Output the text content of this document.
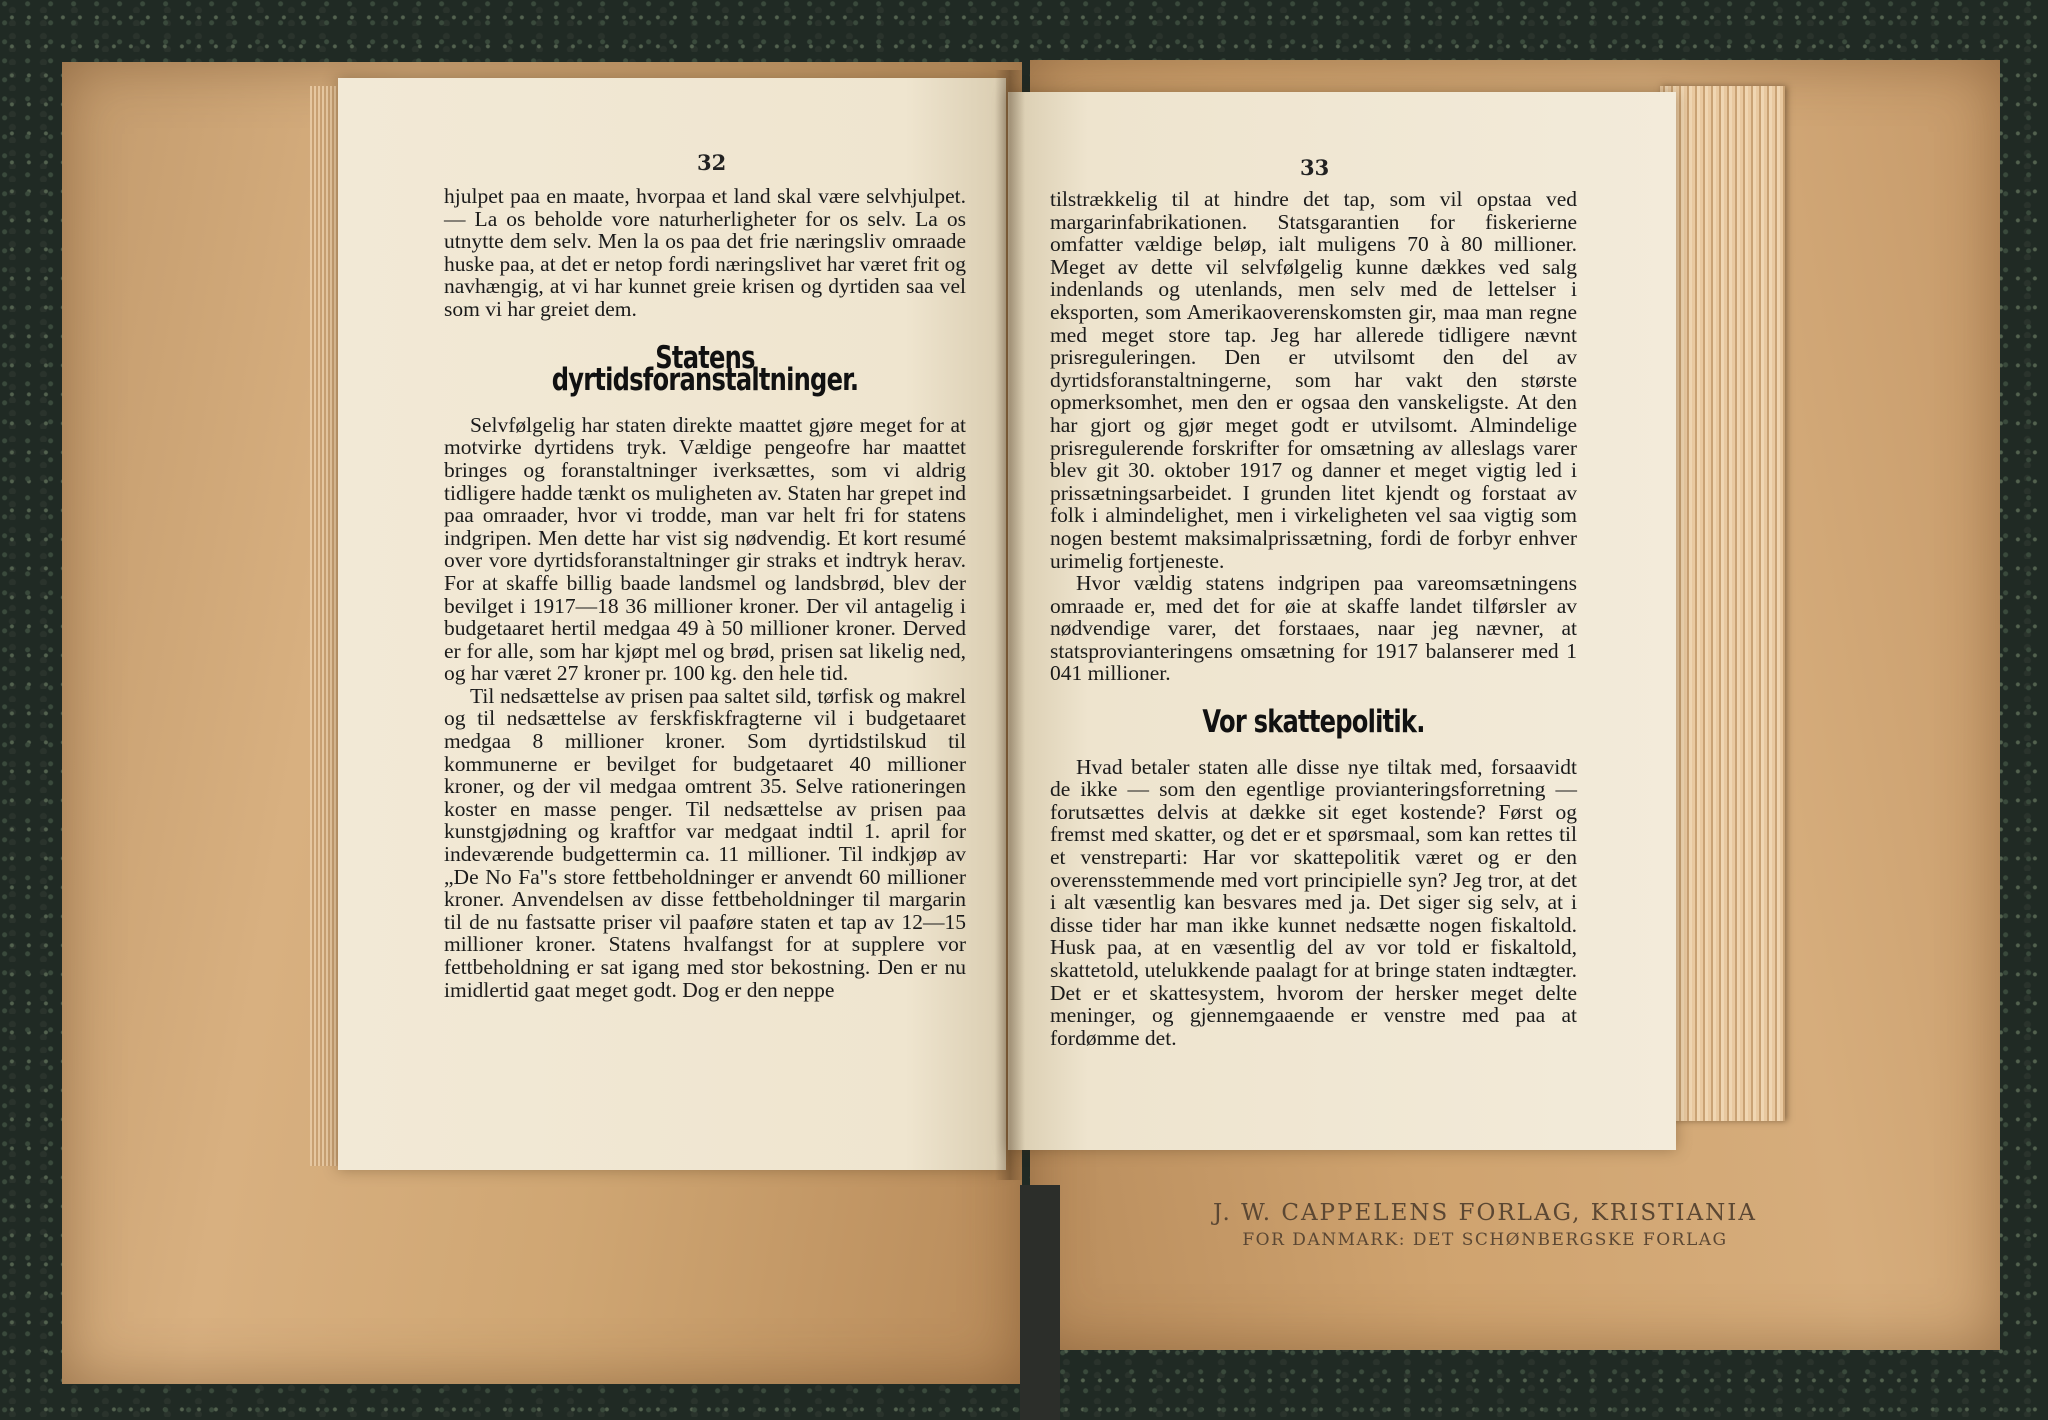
J. W. CAPPELENS FORLAG, KRISTIANIA
FOR DANMARK: DET SCHØNBERGSKE FORLAG
32	33

hjulpet paa en maate, hvorpaa et land skal være selvhjulpet. — La os beholde vore naturherligheter for os selv. La os utnytte dem selv. Men la os paa det frie næringsliv omraade huske paa, at det er netop fordi næringslivet har været frit og navhængig, at vi har kunnet greie krisen og dyrtiden saa vel som vi har greiet dem.

Statens dyrtidsforanstaltninger.

Selvfølgelig har staten direkte maattet gjøre meget for at motvirke dyrtidens tryk. Vældige pengeofre har maattet bringes og foranstaltninger iverksættes, som vi aldrig tidligere hadde tænkt os muligheten av. Staten har grepet ind paa omraader, hvor vi trodde, man var helt fri for statens indgripen. Men dette har vist sig nødvendig. Et kort resumé over vore dyrtidsforanstaltninger gir straks et indtryk herav. For at skaffe billig baade landsmel og landsbrød, blev der bevilget i 1917—18 36 millioner kroner. Der vil antagelig i budgetaaret hertil medgaa 49 à 50 millioner kroner. Derved er for alle, som har kjøpt mel og brød, prisen sat likelig ned, og har været 27 kroner pr. 100 kg. den hele tid.

Til nedsættelse av prisen paa saltet sild, tørfisk og makrel og til nedsættelse av ferskfiskfragterne vil i budgetaaret medgaa 8 millioner kroner. Som dyrtidstilskud til kommunerne er bevilget for budgetaaret 40 millioner kroner, og der vil medgaa omtrent 35. Selve rationeringen koster en masse penger. Til nedsættelse av prisen paa kunstgjødning og kraftfor var medgaat indtil 1. april for indeværende budgettermin ca. 11 millioner. Til indkjøp av „De No Fa"s store fettbeholdninger er anvendt 60 millioner kroner. Anvendelsen av disse fettbeholdninger til margarin til de nu fastsatte priser vil paaføre staten et tap av 12—15 millioner kroner. Statens hvalfangst for at supplere vor fettbeholdning er sat igang med stor bekostning. Den er nu imidlertid gaat meget godt. Dog er den neppe

tilstrækkelig til at hindre det tap, som vil opstaa ved margarinfabrikationen. Statsgarantien for fiskerierne omfatter vældige beløp, ialt muligens 70 à 80 millioner. Meget av dette vil selvfølgelig kunne dækkes ved salg indenlands og utenlands, men selv med de lettelser i eksporten, som Amerikaoverenskomsten gir, maa man regne med meget store tap. Jeg har allerede tidligere nævnt prisreguleringen. Den er utvilsomt den del av dyrtidsforanstaltningerne, som har vakt den største opmerksomhet, men den er ogsaa den vanskeligste. At den har gjort og gjør meget godt er utvilsomt. Almindelige prisregulerende forskrifter for omsætning av alleslags varer blev git 30. oktober 1917 og danner et meget vigtig led i prissætningsarbeidet. I grunden litet kjendt og forstaat av folk i almindelighet, men i virkeligheten vel saa vigtig som nogen bestemt maksimalprissætning, fordi de forbyr enhver urimelig fortjeneste.

Hvor vældig statens indgripen paa vareomsætningens omraade er, med det for øie at skaffe landet tilførsler av nødvendige varer, det forstaaes, naar jeg nævner, at statsprovianteringens omsætning for 1917 balanserer med 1 041 millioner.

Vor skattepolitik.

Hvad betaler staten alle disse nye tiltak med, forsaavidt de ikke — som den egentlige provianteringsforretning — forutsættes delvis at dække sit eget kostende? Først og fremst med skatter, og det er et spørsmaal, som kan rettes til et venstreparti: Har vor skattepolitik været og er den overensstemmende med vort principielle syn? Jeg tror, at det i alt væsentlig kan besvares med ja. Det siger sig selv, at i disse tider har man ikke kunnet nedsætte nogen fiskaltold. Husk paa, at en væsentlig del av vor told er fiskaltold, skattetold, utelukkende paalagt for at bringe staten indtægter. Det er et skattesystem, hvorom der hersker meget delte meninger, og gjennemgaaende er venstre med paa at fordømme det.
